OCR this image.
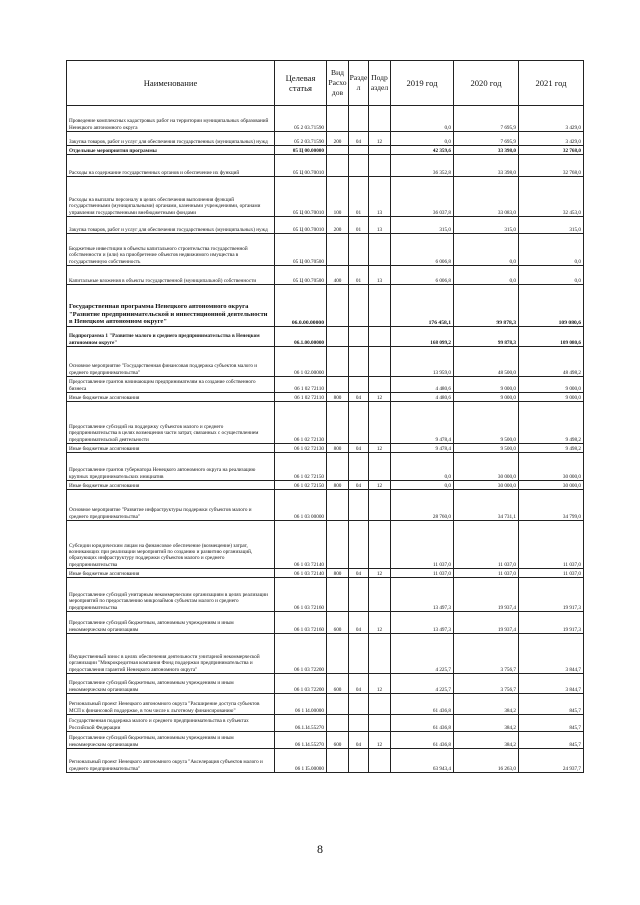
Наименование	Целевая статья	Вид Расхо дов	Разде л	Подр аздел	2019 год	2020 год	2021 год
Проведение комплексных кадастровых работ на территории муниципальных образований Ненецкого автономного округа	05 2 03.71590				0,0	7 695,9	3 429,0
Закупка товаров, работ и услуг для обеспечения государственных (муниципальных) нужд	05 2 03.71590	200	04	12	0,0	7 695,9	3 429,0
Отдельные мероприятия программы	05 Ц 00.00000				42 359,6	33 398,0	32 768,0
Расходы на содержание государственных органов и обеспечение их функций	05 Ц 00.70010				36 352,8	33 398,0	32 768,0
Расходы на выплаты персоналу в целях обеспечения выполнения функций государственными (муниципальными) органами, казенными учреждениями, органами управления государственными внебюджетными фондами	05 Ц 00.70010	100	01	13	36 037,8	33 083,0	32 453,0
Закупка товаров, работ и услуг для обеспечения государственных (муниципальных) нужд	05 Ц 00.70010	200	01	13	315,0	315,0	315,0
Бюджетные инвестиции в объекты капитального строительства государственной собственности и (или) на приобретение объектов недвижимого имущества в государственную собственность	05 Ц 00.70500				6 006,8	0,0	0,0
Капитальные вложения в объекты государственной (муниципальной) собственности	05 Ц 00.70500	400	01	13	6 006,8	0,0	0,0
Государственная программа Ненецкого автономного округа "Развитие предпринимательской и инвестиционной деятельности в Ненецком автономном округе"	06.0.00.00000				176 458,1	99 878,3	109 080,6
Подпрограмма 1 "Развитие малого и среднего предпринимательства в Ненецком автономном округе"	06.1.00.00000				168 099,2	99 878,3	109 080,6
Основное мероприятие "Государственная финансовая поддержка субъектов малого и среднего предпринимательства"	06 1 02.00000				13 959,0	48 500,0	48 498,2
Предоставление грантов начинающим предпринимателям на создание собственного бизнеса	06 1 02 72110				4 480,6	9 000,0	9 000,0
Иные бюджетные ассигнования	06 1 02 72110	800	04	12	4 480,6	9 000,0	9 000,0
Предоставление субсидий на поддержку субъектов малого и среднего предпринимательства в целях возмещения части затрат, связанных с осуществлением предпринимательской деятельности	06 1 02 72130				9 478,4	9 500,0	9 498,2
Иные бюджетные ассигнования	06 1 02 72130	800	04	12	9 478,4	9 500,0	9 498,2
Предоставление грантов губернатора Ненецкого автономного округа на реализацию крупных предпринимательских инициатив	06 1 02 72150				0,0	30 000,0	30 000,0
Иные бюджетные ассигнования	06 1 02 72150	800	04	12	0,0	30 000,0	30 000,0
Основное мероприятие "Развитие инфраструктуры поддержки субъектов малого и среднего предпринимательства"	06 1 03 00000				28 760,0	34 731,1	34 799,0
Субсидии юридическим лицам на финансовое обеспечение (возмещение) затрат, возникающих при реализации мероприятий по созданию и развитию организаций, образующих инфраструктуру поддержки субъектов малого и среднего предпринимательства	06 1 03 72140				11 037,0	11 037,0	11 037,0
Иные бюджетные ассигнования	06 1 03 72140	800	04	12	11 037,0	11 037,0	11 037,0
Предоставление субсидий унитарным некоммерческим организациям в целях реализации мероприятий по предоставлению микрозаймов субъектам малого и среднего предпринимательства	06 1 03 72160				13 497,3	19 937,4	19 917,3
Предоставление субсидий бюджетным, автономным учреждениям и иным некоммерческим организациям	06 1 03 72160	600	04	12	13 497,3	19 937,4	19 917,3
Имущественный взнос в целях обеспечения деятельности унитарной некоммерческой организации "Микрокредитная компания Фонд поддержки предпринимательства и предоставления гарантий Ненецкого автономного округа"	06 1 03 72200				4 225,7	3 756,7	3 844,7
Предоставление субсидий бюджетным, автономным учреждениям и иным некоммерческим организациям	06 1 03 72200	600	04	12	4 225,7	3 756,7	3 844,7
Региональный проект Ненецкого автономного округа "Расширение доступа субъектов МСП к финансовой поддержке, в том числе к льготному финансированию"	06 1 I4.00000				61 436,8	384,2	845,7
Государственная поддержка малого и среднего предпринимательства в субъектах Российской Федерации	06.1.I4.55270				61 436,8	384,2	845,7
Предоставление субсидий бюджетным, автономным учреждениям и иным некоммерческим организациям	06 1.I4.55270	600	04	12	61 436,8	384,2	845,7
Региональный проект Ненецкого автономного округа "Акселерация субъектов малого и среднего предпринимательства"	06 1 I5.00000				63 943,4	16 263,0	24 937,7
8
